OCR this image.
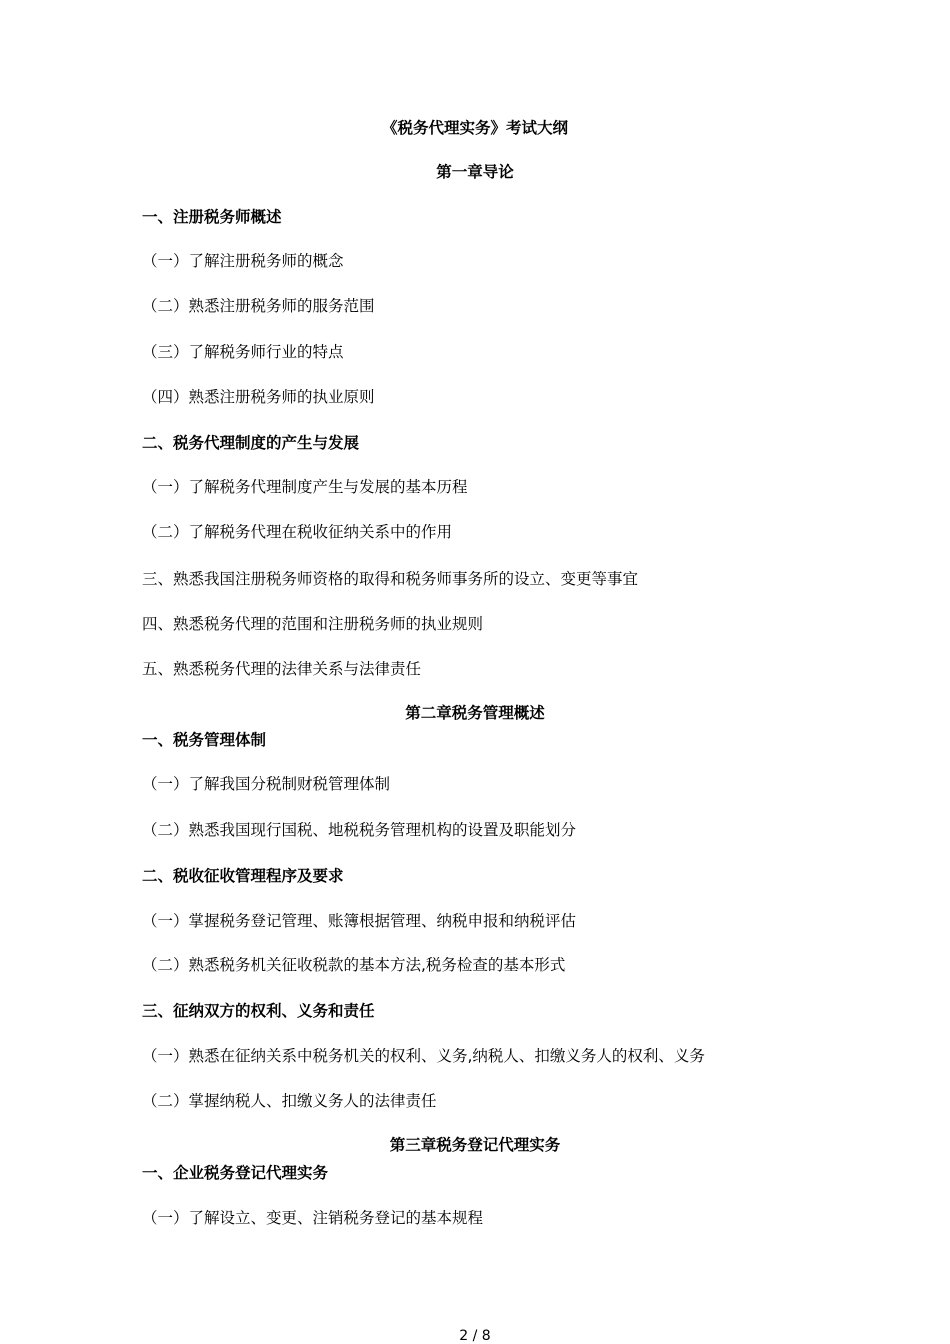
《税务代理实务》考试大纲
第一章导论
一、注册税务师概述
（一）了解注册税务师的概念
（二）熟悉注册税务师的服务范围
（三）了解税务师行业的特点
（四）熟悉注册税务师的执业原则
二、税务代理制度的产生与发展
（一）了解税务代理制度产生与发展的基本历程
（二）了解税务代理在税收征纳关系中的作用
三、熟悉我国注册税务师资格的取得和税务师事务所的设立、变更等事宜
四、熟悉税务代理的范围和注册税务师的执业规则
五、熟悉税务代理的法律关系与法律责任
第二章税务管理概述
一、税务管理体制
（一）了解我国分税制财税管理体制
（二）熟悉我国现行国税、地税税务管理机构的设置及职能划分
二、税收征收管理程序及要求
（一）掌握税务登记管理、账簿根据管理、纳税申报和纳税评估
（二）熟悉税务机关征收税款的基本方法,税务检查的基本形式
三、征纳双方的权利、义务和责任
（一）熟悉在征纳关系中税务机关的权利、义务,纳税人、扣缴义务人的权利、义务
（二）掌握纳税人、扣缴义务人的法律责任
第三章税务登记代理实务
一、企业税务登记代理实务
（一）了解设立、变更、注销税务登记的基本规程
2 / 8
